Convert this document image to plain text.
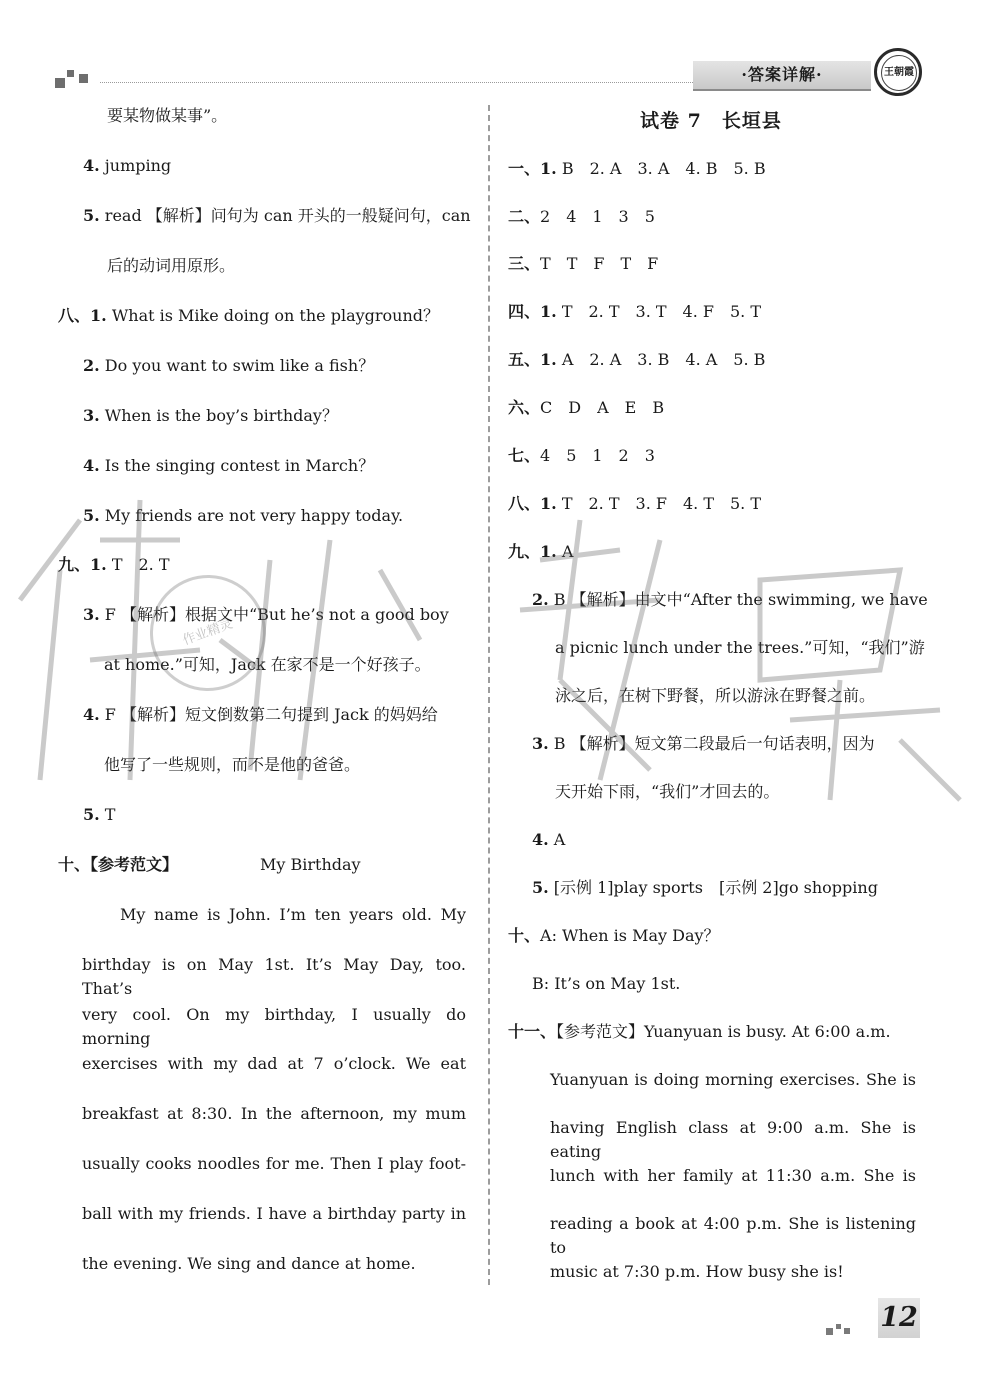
·答案详解·	王朝霞
试卷 7　长垣县
要某物做某事”。
4. jumping
5. read 【解析】问句为 can 开头的一般疑问句，can
后的动词用原形。
八、1. What is Mike doing on the playground？
2. Do you want to swim like a fish？
3. When is the boy’s birthday？
4. Is the singing contest in March？
5. My friends are not very happy today.
九、1. T　2. T
3. F 【解析】根据文中“But he’s not a good boy
at home.”可知，Jack 在家不是一个好孩子。
4. F 【解析】短文倒数第二句提到 Jack 的妈妈给
他写了一些规则，而不是他的爸爸。
5. T
十、【参考范文】	My Birthday
My name is John. I’m ten years old. My
birthday is on May 1st. It’s May Day, too. That’s
very cool. On my birthday, I usually do morning
exercises with my dad at 7 o’clock. We eat
breakfast at 8:30. In the afternoon, my mum
usually cooks noodles for me. Then I play foot-
ball with my friends. I have a birthday party in
the evening. We sing and dance at home.
一、1. B　2. A　3. A　4. B　5. B
二、2　4　1　3　5
三、T　T　F　T　F
四、1. T　2. T　3. T　4. F　5. T
五、1. A　2. A　3. B　4. A　5. B
六、C　D　A　E　B
七、4　5　1　2　3
八、1. T　2. T　3. F　4. T　5. T
九、1. A
2. B 【解析】由文中“After the swimming, we have
a picnic lunch under the trees.”可知，“我们”游
泳之后，在树下野餐，所以游泳在野餐之前。
3. B 【解析】短文第二段最后一句话表明，因为
天开始下雨，“我们”才回去的。
4. A
5. [示例 1]play sports　[示例 2]go shopping
十、A: When is May Day？
B: It’s on May 1st.
十一、【参考范文】Yuanyuan is busy. At 6:00 a.m.
Yuanyuan is doing morning exercises. She is
having English class at 9:00 a.m. She is eating
lunch with her family at 11:30 a.m. She is
reading a book at 4:00 p.m. She is listening to
music at 7:30 p.m. How busy she is!
作业精灵
12
